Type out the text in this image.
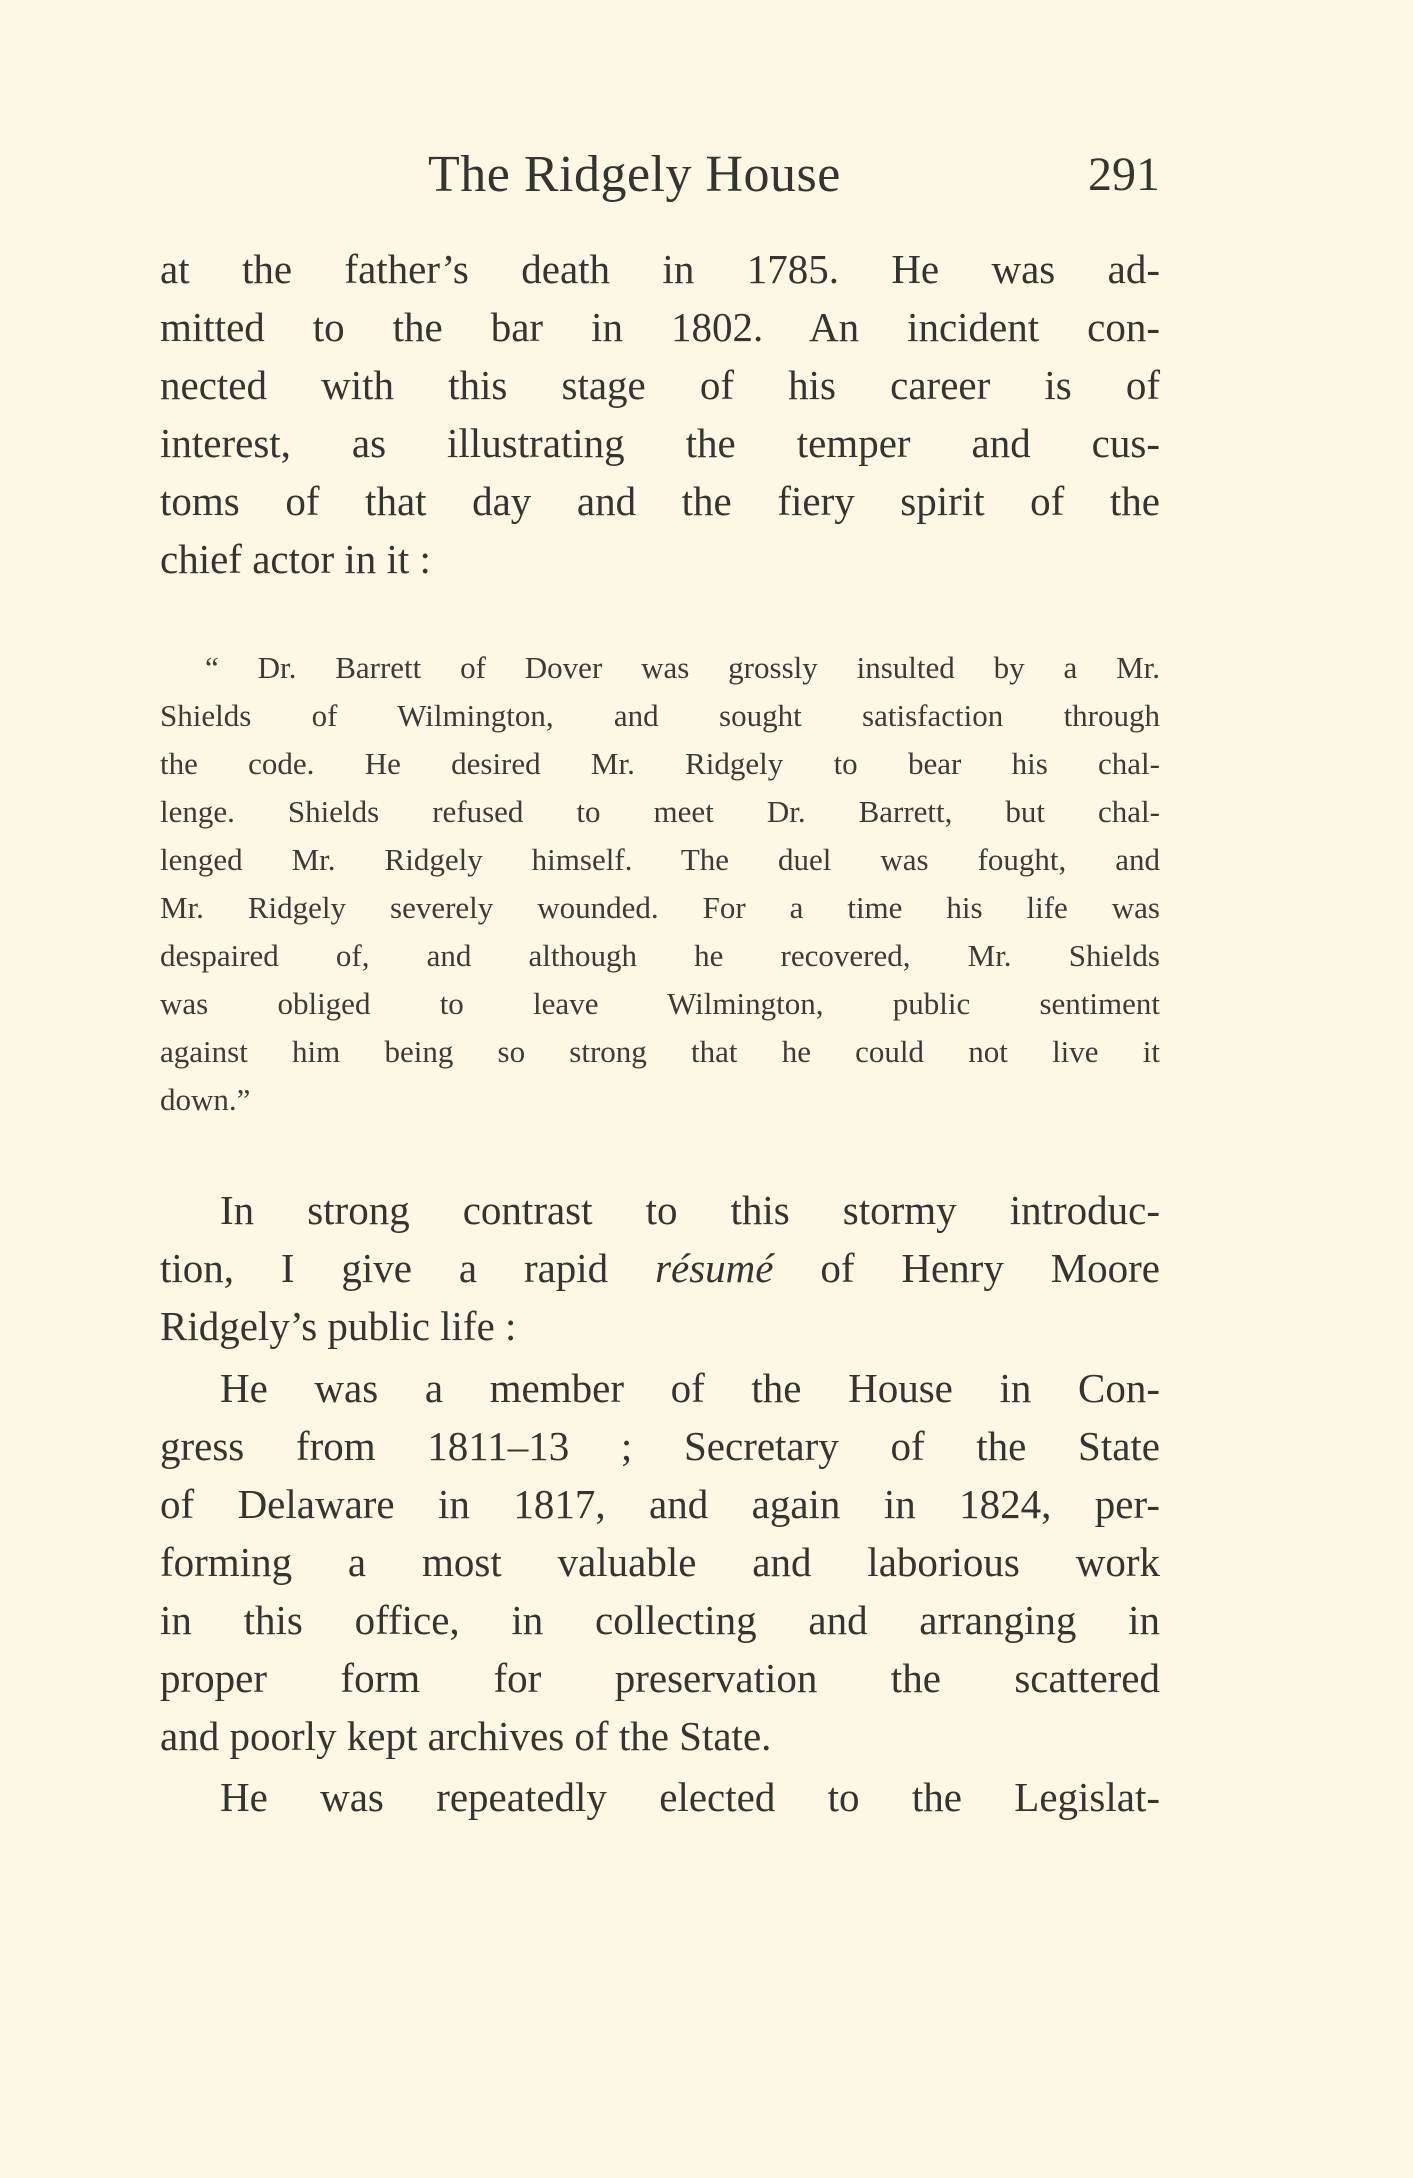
The Ridgely House	291
at the father’s death in 1785. He was ad-
mitted to the bar in 1802. An incident con-
nected with this stage of his career is of
interest, as illustrating the temper and cus-
toms of that day and the fiery spirit of the
chief actor in it :
“ Dr. Barrett of Dover was grossly insulted by a Mr.
Shields of Wilmington, and sought satisfaction through
the code. He desired Mr. Ridgely to bear his chal-
lenge. Shields refused to meet Dr. Barrett, but chal-
lenged Mr. Ridgely himself. The duel was fought, and
Mr. Ridgely severely wounded. For a time his life was
despaired of, and although he recovered, Mr. Shields
was obliged to leave Wilmington, public sentiment
against him being so strong that he could not live it
down.”
In strong contrast to this stormy introduc-
tion, I give a rapid résumé of Henry Moore
Ridgely’s public life :
He was a member of the House in Con-
gress from 1811–13 ; Secretary of the State
of Delaware in 1817, and again in 1824, per-
forming a most valuable and laborious work
in this office, in collecting and arranging in
proper form for preservation the scattered
and poorly kept archives of the State.
He was repeatedly elected to the Legislat-
